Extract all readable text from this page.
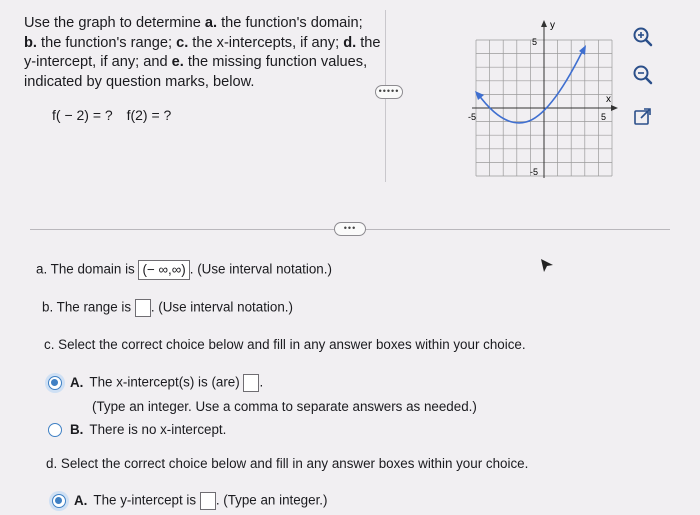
Use the graph to determine a. the function's domain;
b. the function's range; c. the x-intercepts, if any; d. the y-intercept, if any; and e. the missing function values, indicated by question marks, below.
f( − 2) = ? f(2) = ?
•••••
y
x
5
-5
-5	5
•••
a. The domain is (− ∞,∞) . (Use interval notation.)
b. The range is . (Use interval notation.)
c. Select the correct choice below and fill in any answer boxes within your choice.
A. The x-intercept(s) is (are) .
(Type an integer. Use a comma to separate answers as needed.)
B. There is no x-intercept.
d. Select the correct choice below and fill in any answer boxes within your choice.
A. The y-intercept is . (Type an integer.)
